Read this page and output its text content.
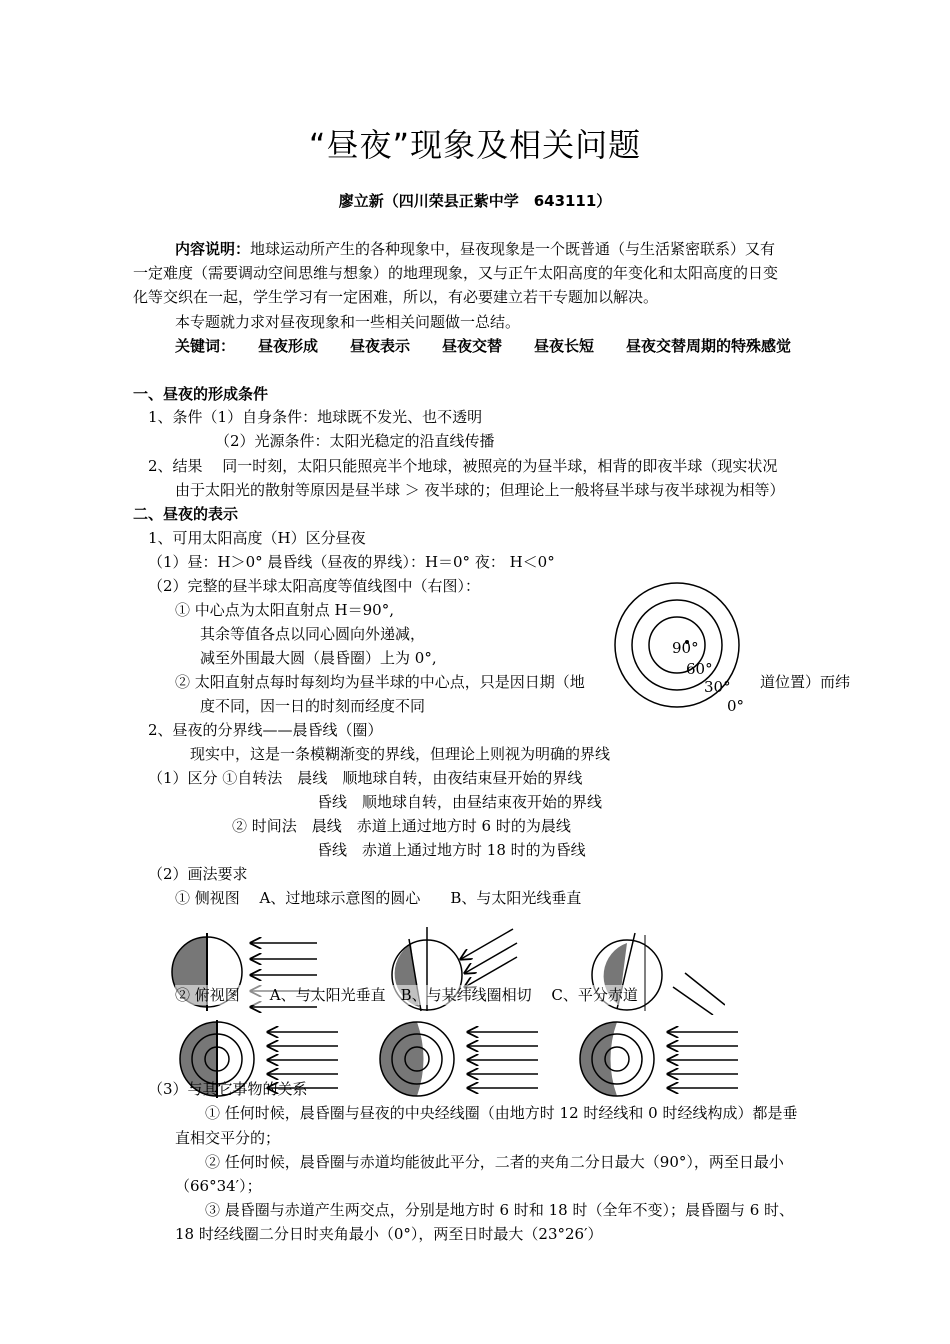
“昼夜”现象及相关问题
廖立新（四川荣县正紫中学　643111）
内容说明：地球运动所产生的各种现象中，昼夜现象是一个既普通（与生活紧密联系）又有
一定难度（需要调动空间思维与想象）的地理现象，又与正午太阳高度的年变化和太阳高度的日变
化等交织在一起，学生学习有一定困难，所以，有必要建立若干专题加以解决。
本专题就力求对昼夜现象和一些相关问题做一总结。
关键词： 昼夜形成 昼夜表示 昼夜交替 昼夜长短 昼夜交替周期的特殊感觉
一、昼夜的形成条件
1、条件（1）自身条件：地球既不发光、也不透明
（2）光源条件：太阳光稳定的沿直线传播
2、结果　 同一时刻，太阳只能照亮半个地球，被照亮的为昼半球，相背的即夜半球（现实状况
由于太阳光的散射等原因是昼半球 ＞ 夜半球的；但理论上一般将昼半球与夜半球视为相等）
二、昼夜的表示
1、可用太阳高度（H）区分昼夜
（1）昼：H＞0° 晨昏线（昼夜的界线）：H＝0° 夜： H＜0°
（2）完整的昼半球太阳高度等值线图中（右图）：
① 中心点为太阳直射点 H＝90°,
其余等值各点以同心圆向外递减，
减至外围最大圆（晨昏圈）上为 0°,
② 太阳直射点每时每刻均为昼半球的中心点，只是因日期（地	道位置）而纬
度不同，因一日的时刻而经度不同
2、昼夜的分界线——晨昏线（圈）
现实中，这是一条模糊渐变的界线，但理论上则视为明确的界线
（1）区分 ①自转法　晨线　顺地球自转，由夜结束昼开始的界线
昏线　顺地球自转，由昼结束夜开始的界线
② 时间法　晨线　赤道上通过地方时 6 时的为晨线
昏线　赤道上通过地方时 18 时的为昏线
（2）画法要求
① 侧视图　 A、过地球示意图的圆心　　B、与太阳光线垂直
90°
60°
30°
0°
② 俯视图　　A、与太阳光垂直　B、与某纬线圈相切　 C、平分赤道
（3）与其它事物的关系
① 任何时候，晨昏圈与昼夜的中央经线圈（由地方时 12 时经线和 0 时经线构成）都是垂
直相交平分的；
② 任何时候，晨昏圈与赤道均能彼此平分，二者的夹角二分日最大（90°），两至日最小
（66°34′）；
③ 晨昏圈与赤道产生两交点，分别是地方时 6 时和 18 时（全年不变）；晨昏圈与 6 时、
18 时经线圈二分日时夹角最小（0°），两至日时最大（23°26′）
